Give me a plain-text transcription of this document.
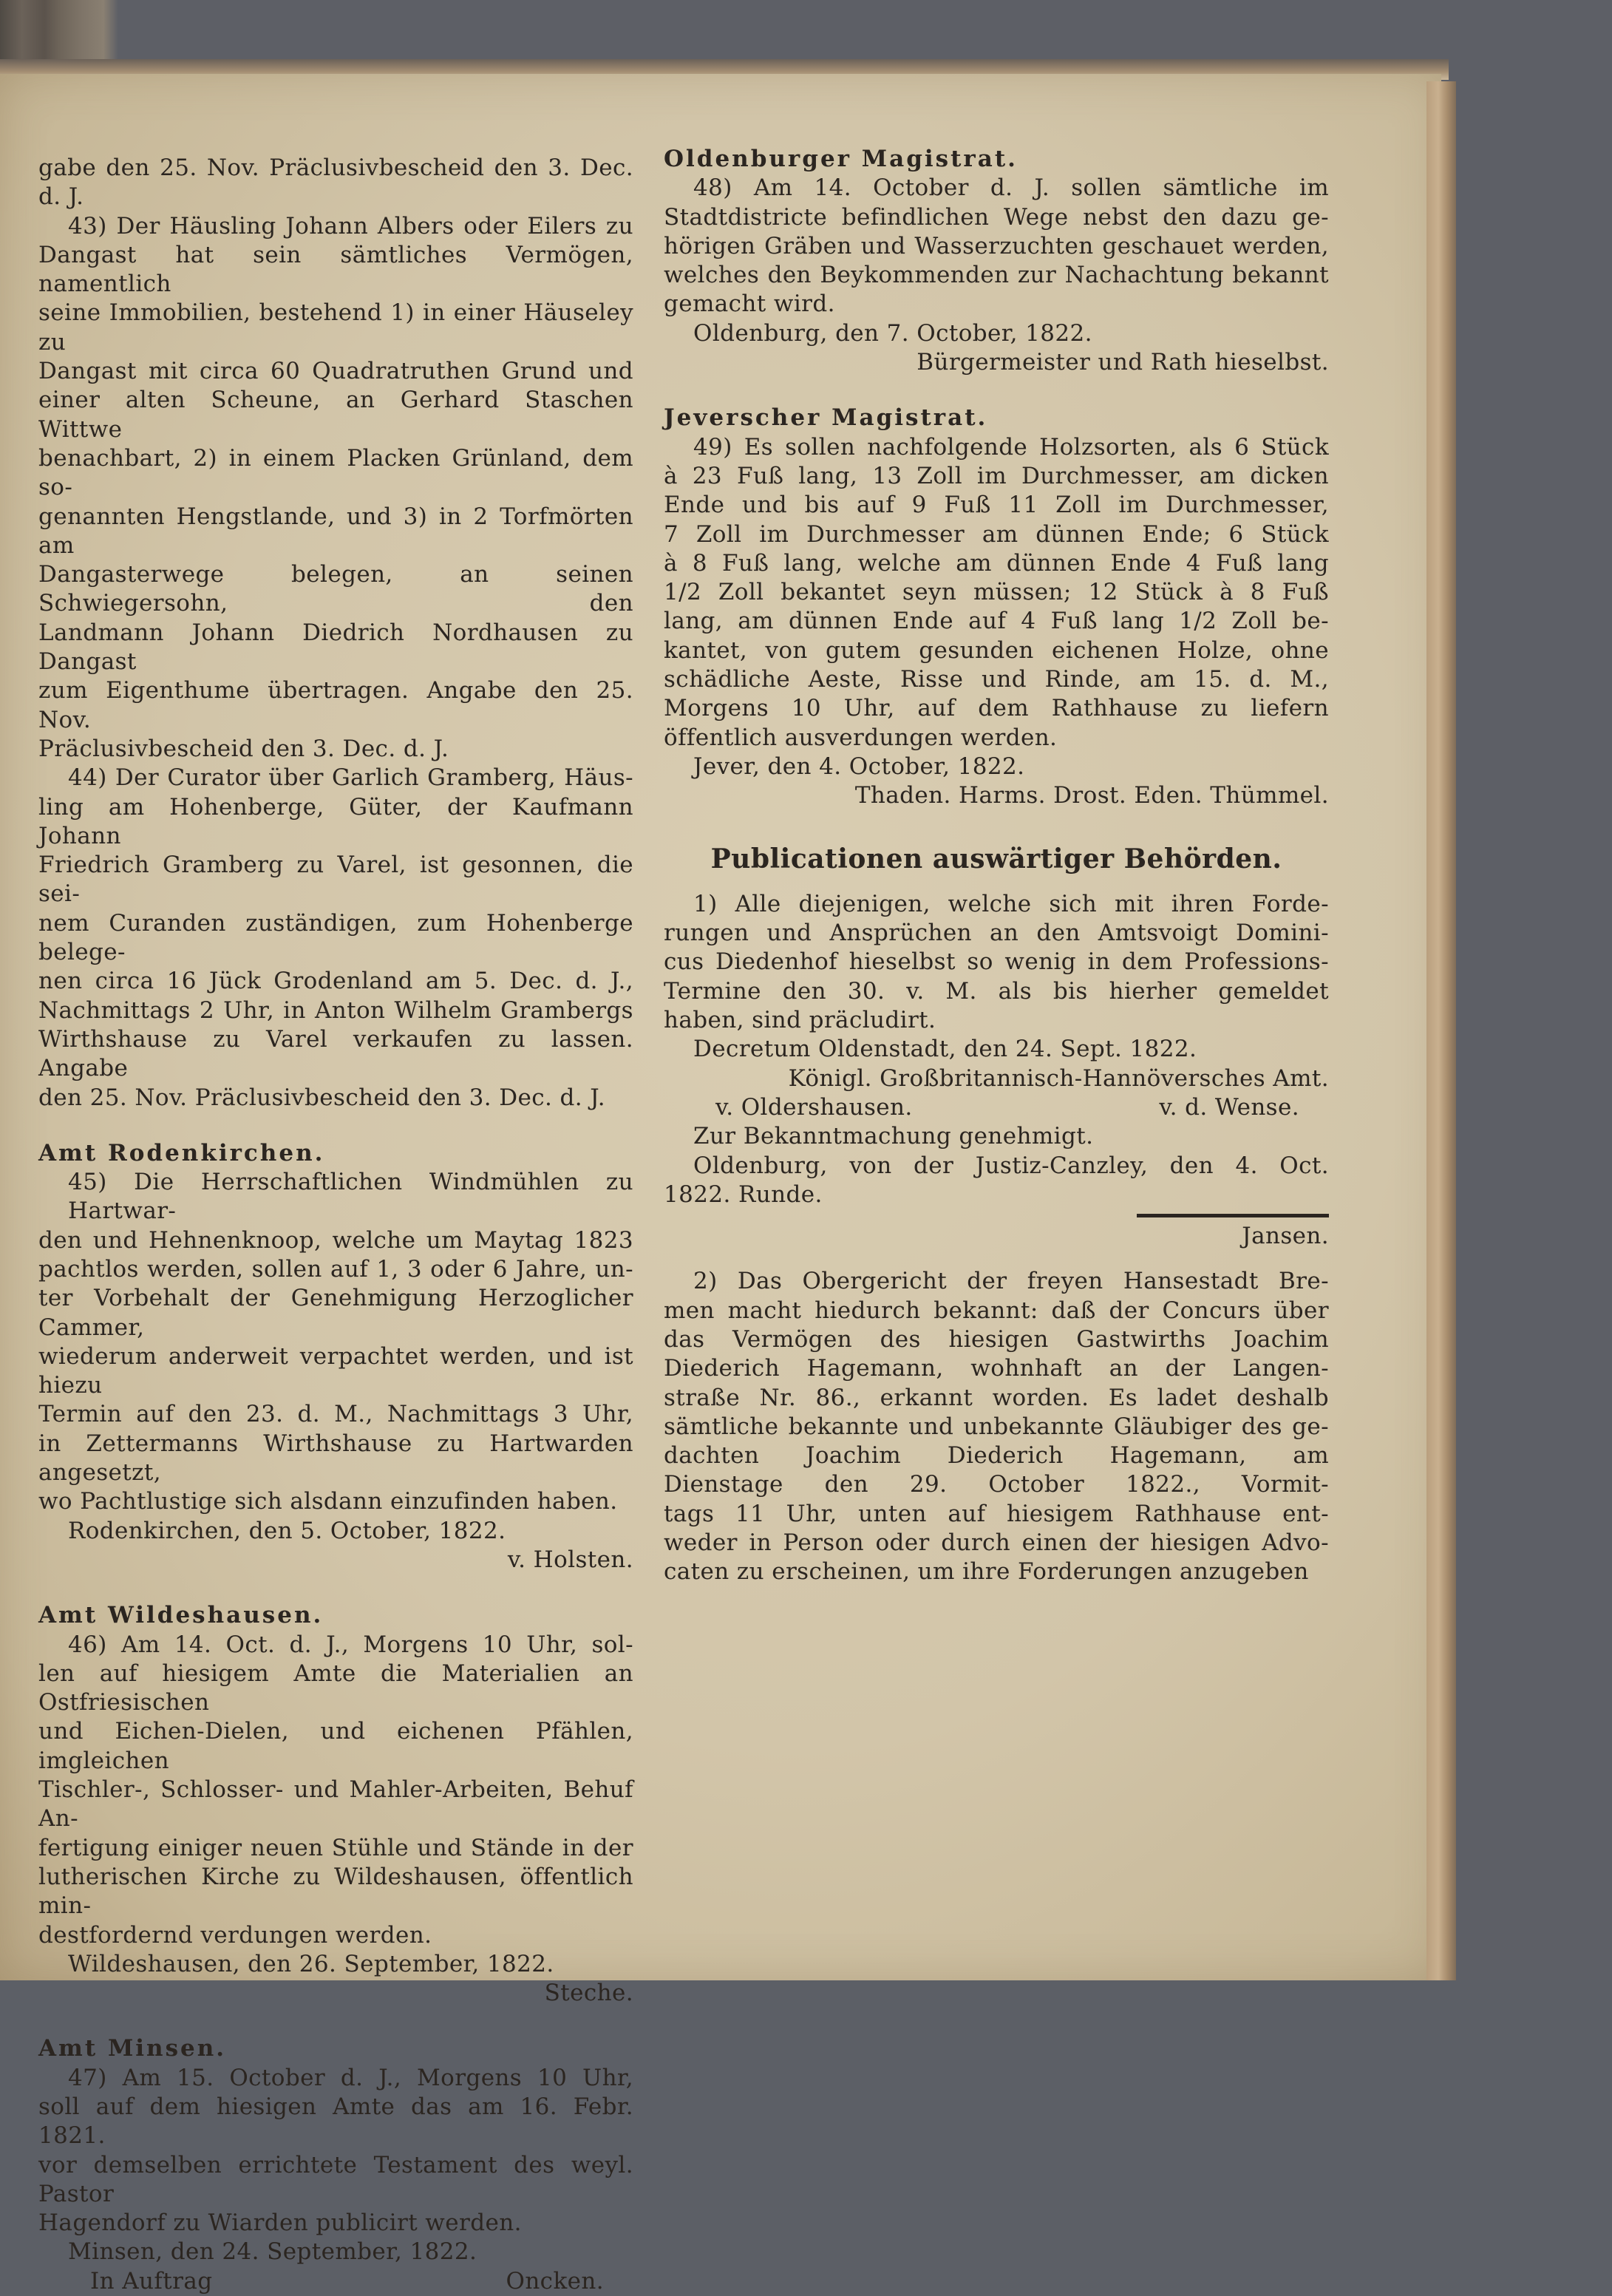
gabe den 25. Nov. Präclusivbescheid den 3. Dec.

d. J.

43) Der Häusling Johann Albers oder Eilers zu

Dangast hat sein sämtliches Vermögen, namentlich

seine Immobilien, bestehend 1) in einer Häuseley zu

Dangast mit circa 60 Quadratruthen Grund und

einer alten Scheune, an Gerhard Staschen Wittwe

benachbart, 2) in einem Placken Grünland, dem so-

genannten Hengstlande, und 3) in 2 Torfmörten am

Dangasterwege belegen, an seinen Schwiegersohn, den

Landmann Johann Diedrich Nordhausen zu Dangast

zum Eigenthume übertragen. Angabe den 25. Nov.

Präclusivbescheid den 3. Dec. d. J.

44) Der Curator über Garlich Gramberg, Häus-

ling am Hohenberge, Güter, der Kaufmann Johann

Friedrich Gramberg zu Varel, ist gesonnen, die sei-

nem Curanden zuständigen, zum Hohenberge belege-

nen circa 16 Jück Grodenland am 5. Dec. d. J.,

Nachmittags 2 Uhr, in Anton Wilhelm Grambergs

Wirthshause zu Varel verkaufen zu lassen. Angabe

den 25. Nov. Präclusivbescheid den 3. Dec. d. J.

Amt Rodenkirchen.

45) Die Herrschaftlichen Windmühlen zu Hartwar-

den und Hehnenknoop, welche um Maytag 1823

pachtlos werden, sollen auf 1, 3 oder 6 Jahre, un-

ter Vorbehalt der Genehmigung Herzoglicher Cammer,

wiederum anderweit verpachtet werden, und ist hiezu

Termin auf den 23. d. M., Nachmittags 3 Uhr,

in Zettermanns Wirthshause zu Hartwarden angesetzt,

wo Pachtlustige sich alsdann einzufinden haben.

Rodenkirchen, den 5. October, 1822.

v. Holsten.

Amt Wildeshausen.

46) Am 14. Oct. d. J., Morgens 10 Uhr, sol-

len auf hiesigem Amte die Materialien an Ostfriesischen

und Eichen-Dielen, und eichenen Pfählen, imgleichen

Tischler-, Schlosser- und Mahler-Arbeiten, Behuf An-

fertigung einiger neuen Stühle und Stände in der

lutherischen Kirche zu Wildeshausen, öffentlich min-

destfordernd verdungen werden.

Wildeshausen, den 26. September, 1822.

Steche.

Amt Minsen.

47) Am 15. October d. J., Morgens 10 Uhr,

soll auf dem hiesigen Amte das am 16. Febr. 1821.

vor demselben errichtete Testament des weyl. Pastor

Hagendorf zu Wiarden publicirt werden.

Minsen, den 24. September, 1822.

In Auftrag	Oncken.

Oldenburger Magistrat.

48) Am 14. October d. J. sollen sämtliche im

Stadtdistricte befindlichen Wege nebst den dazu ge-

hörigen Gräben und Wasserzuchten geschauet werden,

welches den Beykommenden zur Nachachtung bekannt

gemacht wird.

Oldenburg, den 7. October, 1822.

Bürgermeister und Rath hieselbst.

Jeverscher Magistrat.

49) Es sollen nachfolgende Holzsorten, als 6 Stück

à 23 Fuß lang, 13 Zoll im Durchmesser, am dicken

Ende und bis auf 9 Fuß 11 Zoll im Durchmesser,

7 Zoll im Durchmesser am dünnen Ende; 6 Stück

à 8 Fuß lang, welche am dünnen Ende 4 Fuß lang

1/2 Zoll bekantet seyn müssen; 12 Stück à 8 Fuß

lang, am dünnen Ende auf 4 Fuß lang 1/2 Zoll be-

kantet, von gutem gesunden eichenen Holze, ohne

schädliche Aeste, Risse und Rinde, am 15. d. M.,

Morgens 10 Uhr, auf dem Rathhause zu liefern

öffentlich ausverdungen werden.

Jever, den 4. October, 1822.

Thaden. Harms. Drost. Eden. Thümmel.

Publicationen auswärtiger Behörden.

1) Alle diejenigen, welche sich mit ihren Forde-

rungen und Ansprüchen an den Amtsvoigt Domini-

cus Diedenhof hieselbst so wenig in dem Professions-

Termine den 30. v. M. als bis hierher gemeldet

haben, sind präcludirt.

Decretum Oldenstadt, den 24. Sept. 1822.

Königl. Großbritannisch-Hannöversches Amt.

v. Oldershausen.	v. d. Wense.

Zur Bekanntmachung genehmigt.

Oldenburg, von der Justiz-Canzley, den 4. Oct.

1822. Runde.

Jansen.

2) Das Obergericht der freyen Hansestadt Bre-

men macht hiedurch bekannt: daß der Concurs über

das Vermögen des hiesigen Gastwirths Joachim

Diederich Hagemann, wohnhaft an der Langen-

straße Nr. 86., erkannt worden. Es ladet deshalb

sämtliche bekannte und unbekannte Gläubiger des ge-

dachten Joachim Diederich Hagemann, am

Dienstage den 29. October 1822., Vormit-

tags 11 Uhr, unten auf hiesigem Rathhause ent-

weder in Person oder durch einen der hiesigen Advo-

caten zu erscheinen, um ihre Forderungen anzugeben
